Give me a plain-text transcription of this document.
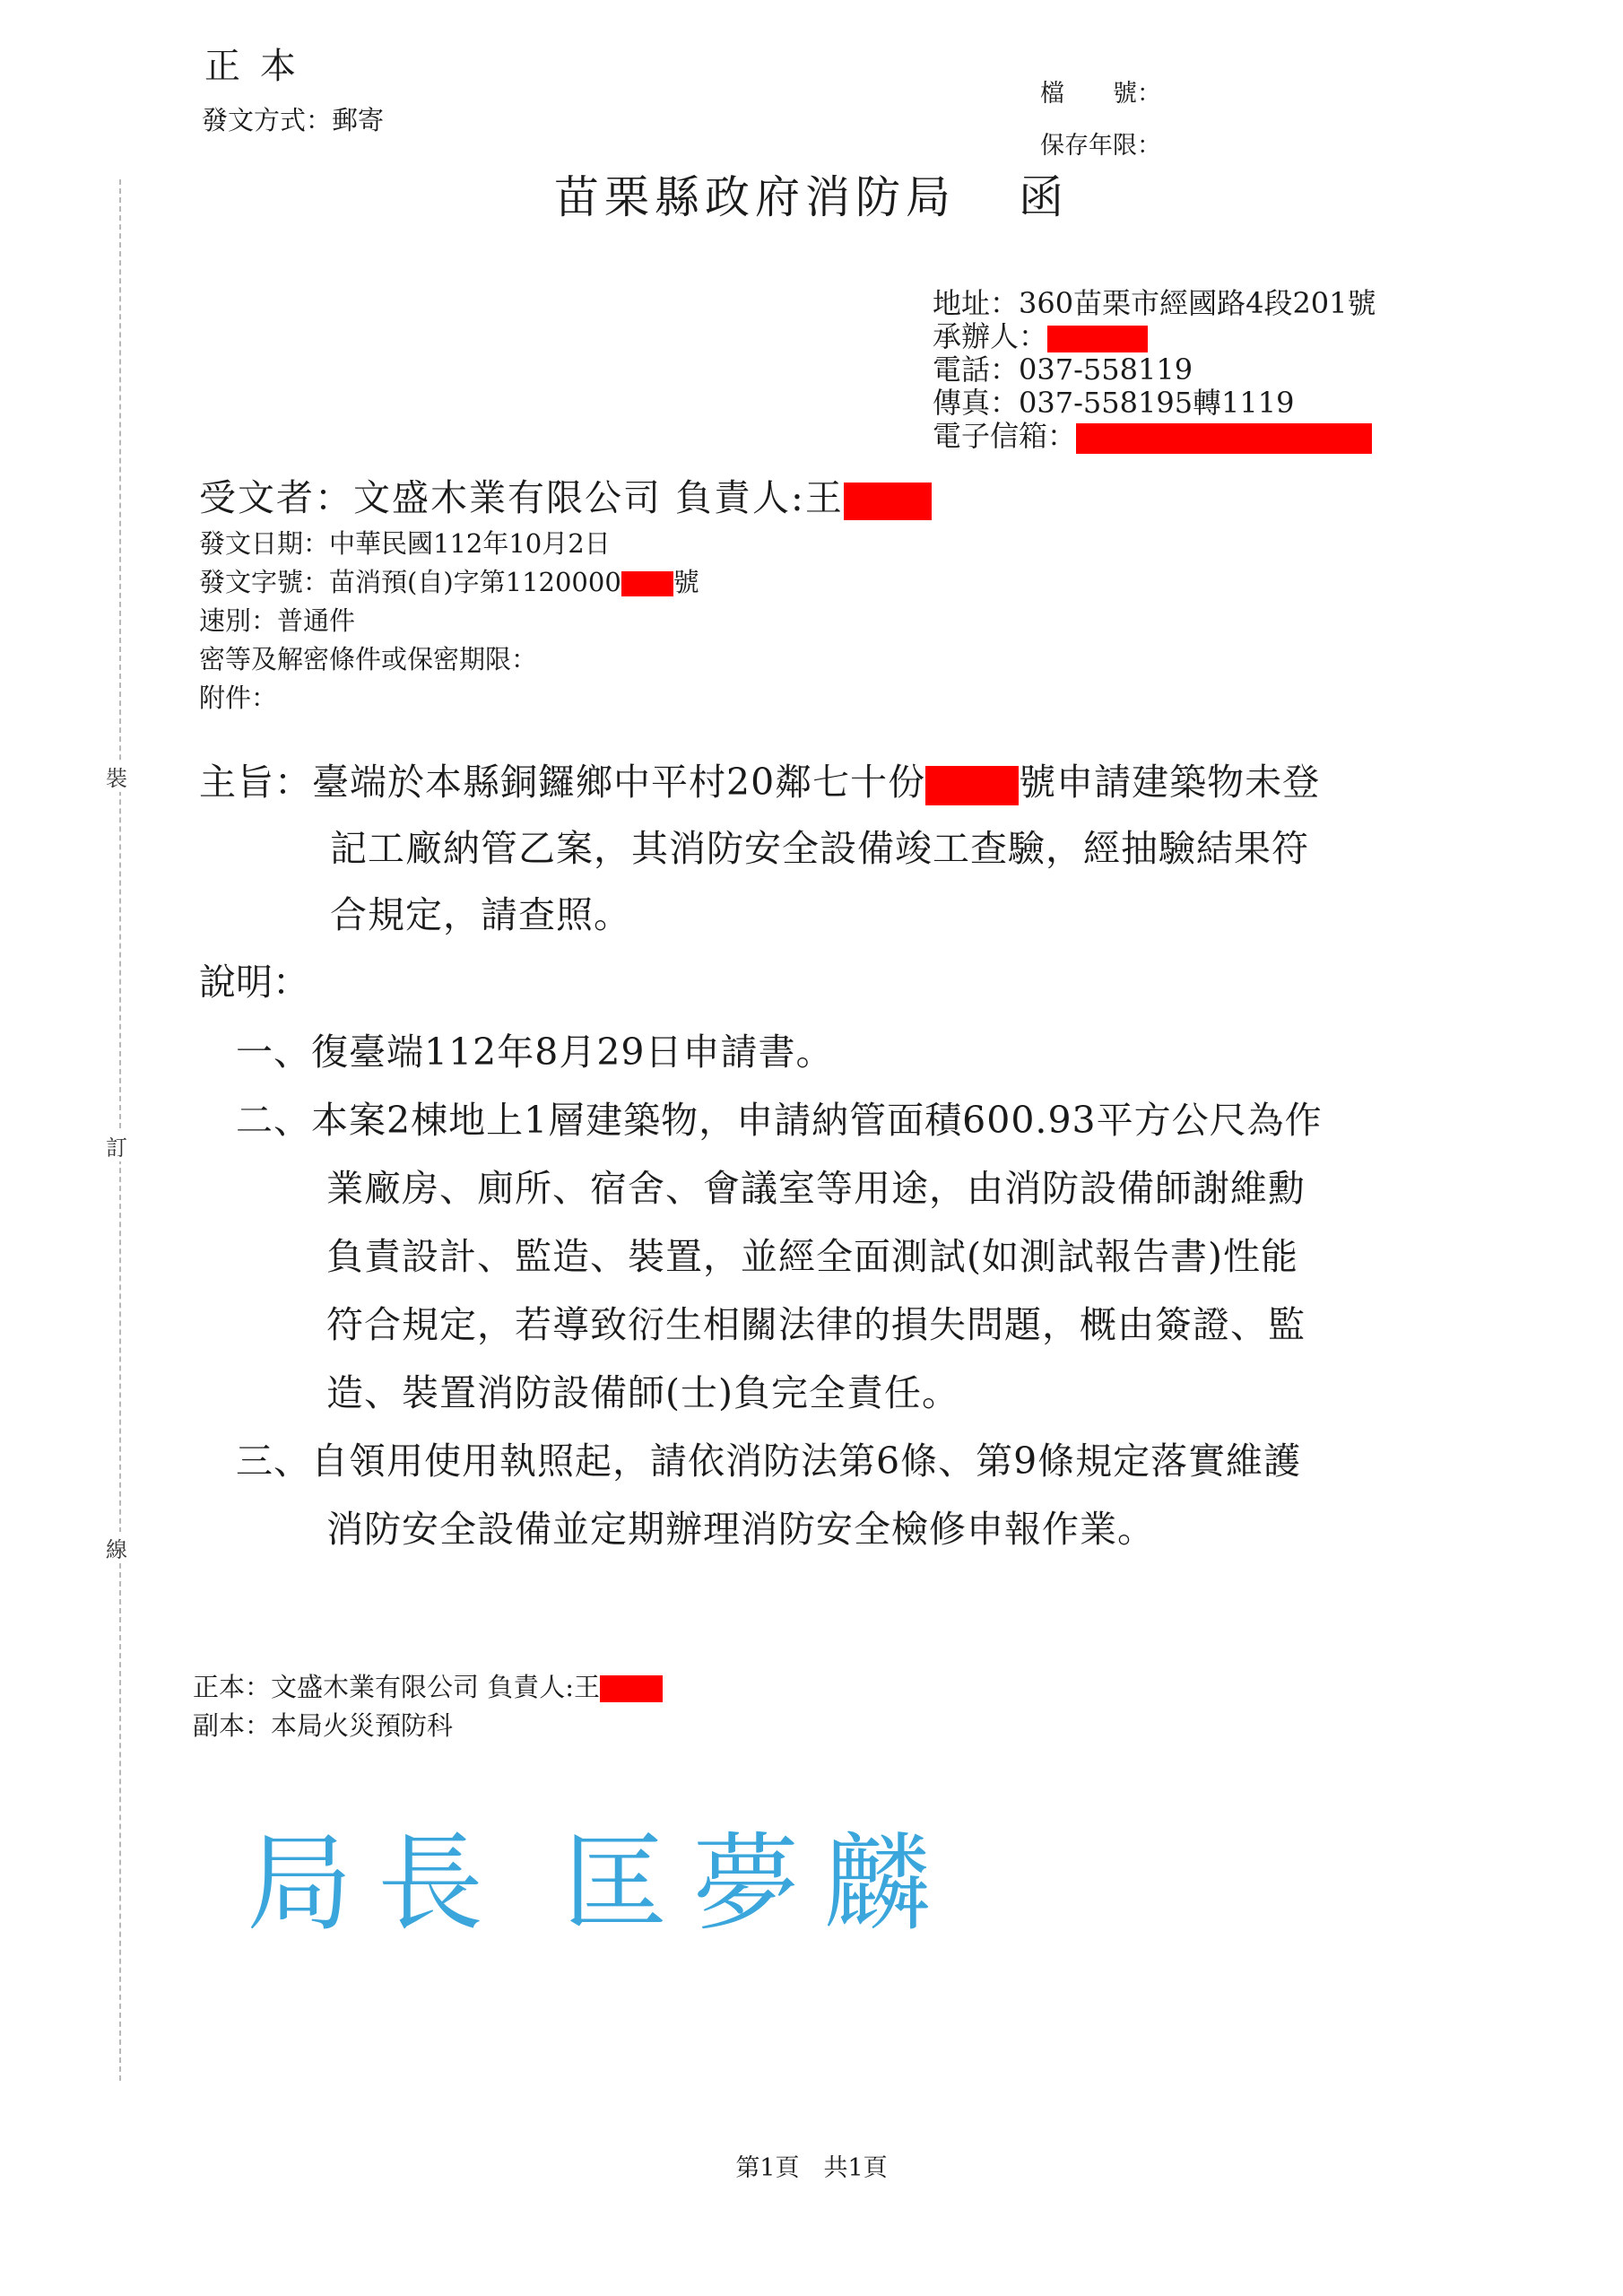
正本
發文方式：郵寄
檔　　號：
保存年限：
苗栗縣政府消防局 函
地址：360苗栗市經國路4段201號
承辦人：
電話：037-558119
傳真：037-558195轉1119
電子信箱：
受文者：文盛木業有限公司 負責人:王
發文日期：中華民國112年10月2日
發文字號：苗消預(自)字第1120000 號
速別：普通件
密等及解密條件或保密期限：
附件：
裝
訂
線
主旨：臺端於本縣銅鑼鄉中平村20鄰七十份	號申請建築物未登
記工廠納管乙案，其消防安全設備竣工查驗，經抽驗結果符
合規定，請查照。
說明：
一、復臺端112年8月29日申請書。
二、本案2棟地上1層建築物，申請納管面積600.93平方公尺為作
業廠房、廁所、宿舍、會議室等用途，由消防設備師謝維勳
負責設計、監造、裝置，並經全面測試(如測試報告書)性能
符合規定，若導致衍生相關法律的損失問題，概由簽證、監
造、裝置消防設備師(士)負完全責任。
三、自領用使用執照起，請依消防法第6條、第9條規定落實維護
消防安全設備並定期辦理消防安全檢修申報作業。
正本：文盛木業有限公司 負責人:王
副本：本局火災預防科
局長 匡夢麟
第1頁　共1頁
